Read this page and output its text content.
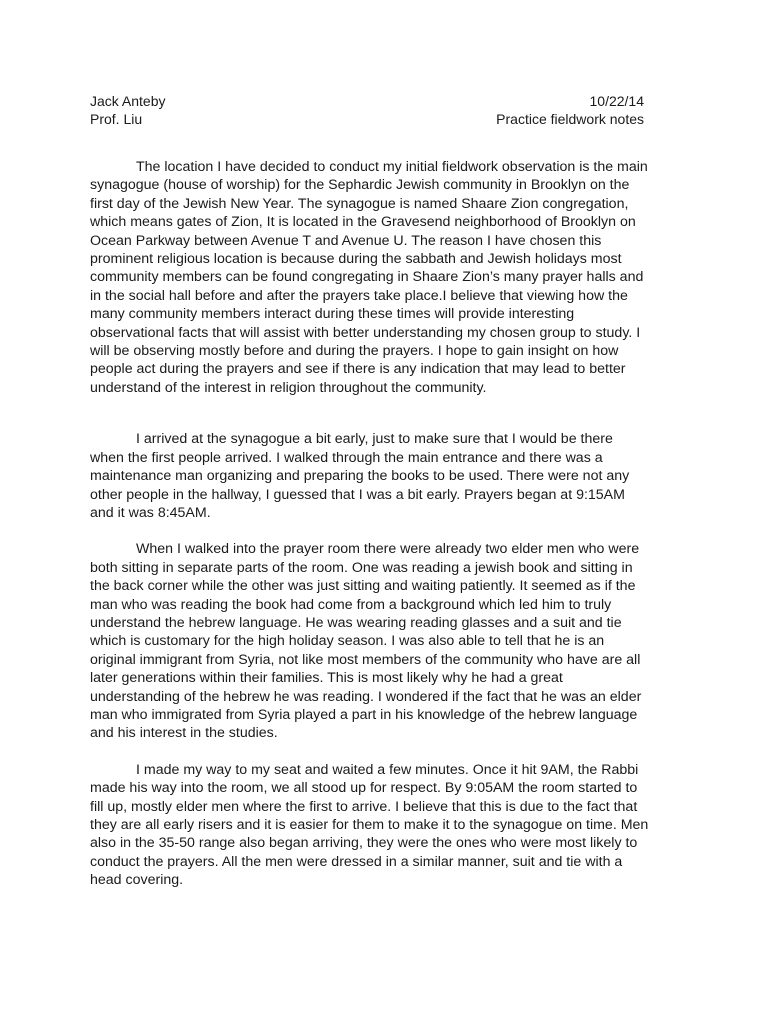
Jack Anteby	10/22/14
Prof. Liu	Practice fieldwork notes

The location I have decided to conduct my initial fieldwork observation is the main synagogue (house of worship) for the Sephardic Jewish community in Brooklyn on the first day of the Jewish New Year. The synagogue is named Shaare Zion congregation, which means gates of Zion, It is located in the Gravesend neighborhood of Brooklyn on Ocean Parkway between Avenue T and Avenue U. The reason I have chosen this prominent religious location is because during the sabbath and Jewish holidays most community members can be found congregating in Shaare Zion’s many prayer halls and in the social hall before and after the prayers take place.I believe that viewing how the many community members interact during these times will provide interesting observational facts that will assist with better understanding my chosen group to study. I will be observing mostly before and during the prayers. I hope to gain insight on how people act during the prayers and see if there is any indication that may lead to better understand of the interest in religion throughout the community.

I arrived at the synagogue a bit early, just to make sure that I would be there when the first people arrived. I walked through the main entrance and there was a maintenance man organizing and preparing the books to be used. There were not any other people in the hallway, I guessed that I was a bit early. Prayers began at 9:15AM and it was 8:45AM.

When I walked into the prayer room there were already two elder men who were both sitting in separate parts of the room. One was reading a jewish book and sitting in the back corner while the other was just sitting and waiting patiently. It seemed as if the man who was reading the book had come from a background which led him to truly understand the hebrew language. He was wearing reading glasses and a suit and tie which is customary for the high holiday season. I was also able to tell that he is an original immigrant from Syria, not like most members of the community who have are all later generations within their families. This is most likely why he had a great understanding of the hebrew he was reading. I wondered if the fact that he was an elder man who immigrated from Syria played a part in his knowledge of the hebrew language and his interest in the studies.

I made my way to my seat and waited a few minutes. Once it hit 9AM, the Rabbi made his way into the room, we all stood up for respect. By 9:05AM the room started to fill up, mostly elder men where the first to arrive. I believe that this is due to the fact that they are all early risers and it is easier for them to make it to the synagogue on time. Men also in the 35-50 range also began arriving, they were the ones who were most likely to conduct the prayers. All the men were dressed in a similar manner, suit and tie with a head covering.
